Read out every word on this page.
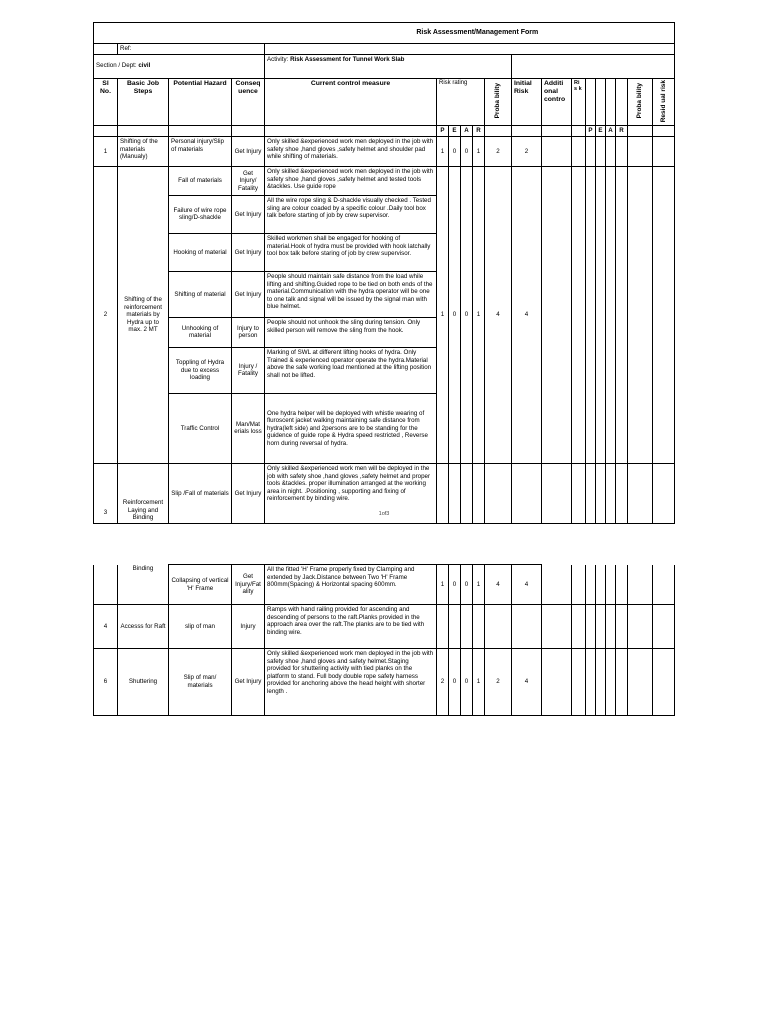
Risk Assessment/Management Form																		
	Ref:																	
Section / Dept: civil				Activity: Risk Assessment for Tunnel Work Slab														
Sl No.	Basic Job Steps	Potential Hazard	Conseq uence	Current control measure	Risk rating				Proba bility	Initial Risk	Additi onal contro	Ri s k					Proba bility	Resid ual risk
					P	E	A	R					P	E	A	R		
1	Shifting of the materials (Manualy)	Personal injury/Slip of materials	Get Injury	Only skilled &experienced work men deployed in the job with safety shoe ,hand gloves ,safety helmet and shoulder pad while shifting of materials.	1	0	0	1	2	2								
2	Shifting of the reinforcement materials by Hydra up to max. 2 MT	Fall of materials	Get Injury/ Fatality	Only skilled &experienced work men deployed in the job with safety shoe ,hand gloves ,safety helmet and tested tools &tackles. Use guide rope	1	0	0	1	4	4								
		Failure of wire rope sling/D-shackle	Get Injury	All the wire rope sling & D-shackle visually checked . Tested sling are colour coaded by a specific colour .Daily tool box talk before starting of job by crew supervisor.														
		Hooking of material	Get Injury	Skilled workmen shall be engaged for hooking of material.Hook of hydra must be provided with hook latchally tool box talk before staring of job by crew supervisor.														
		Shifting of material	Get Injury	People should maintain safe distance from the load while lifting and shifting.Guided rope to be tied on both ends of the material.Communication with the hydra operator will be one to one talk and signal will be issued by the signal man with blue helmet.														
		Unhooking of material	Injury to person	People should not unhook the sling during tension. Only skilled person will remove the sling from the hook.														
		Toppling of Hydra due to excess loading	Injury / Fatality	Marking of SWL at different lifting hooks of hydra. Only Trained & experienced operator operate the hydra.Material above the safe working load mentioned at the lifting position shall not be lifted.														
		Traffic Control	Man/Mat erials loss	One hydra helper will be deployed with whistle wearing of fluroscent jacket walking maintaining safe distance from hydra(left side) and 2persons are to be standing for the guidence of guide rope & Hydra speed restricted , Reverse horn during reversal of hydra.														
3	Reinforcement Laying and Binding	Slip /Fall of materials	Get Injury	Only skilled &experienced work men will be deployed in the job with safety shoe ,hand gloves ,safety helmet and proper tools &tackles. proper illumination arranged at the working area in night. .Positioning , supporting and fixing of reinforcement by binding wire.														
1of3
	Binding	Collapsing of vertical 'H' Frame	Get Injury/Fat ality	All the fitted 'H' Frame properly fixed by Clamping and extended by Jack.Distance between Two 'H' Frame 800mm(Spacing) & Horizontal spacing 600mm.	1	0	0	1	4	4								
4	Accesss for Raft	slip of man	Injury	Ramps with hand railing provided for ascending and descending of persons to the raft.Planks provided in the approach area over the raft.The planks are to be tied with binding wire.														
6	Shuttering	Slip of man/ materials	Get Injury	Only skilled &experienced work men deployed in the job with safety shoe ,hand gloves and safety helmet.Staging provided for shuttering activity with tied planks on the platform to stand. Full body double rope safety harness provided for anchoring above the head height with shorter length .	2	0	0	1	2	4								
